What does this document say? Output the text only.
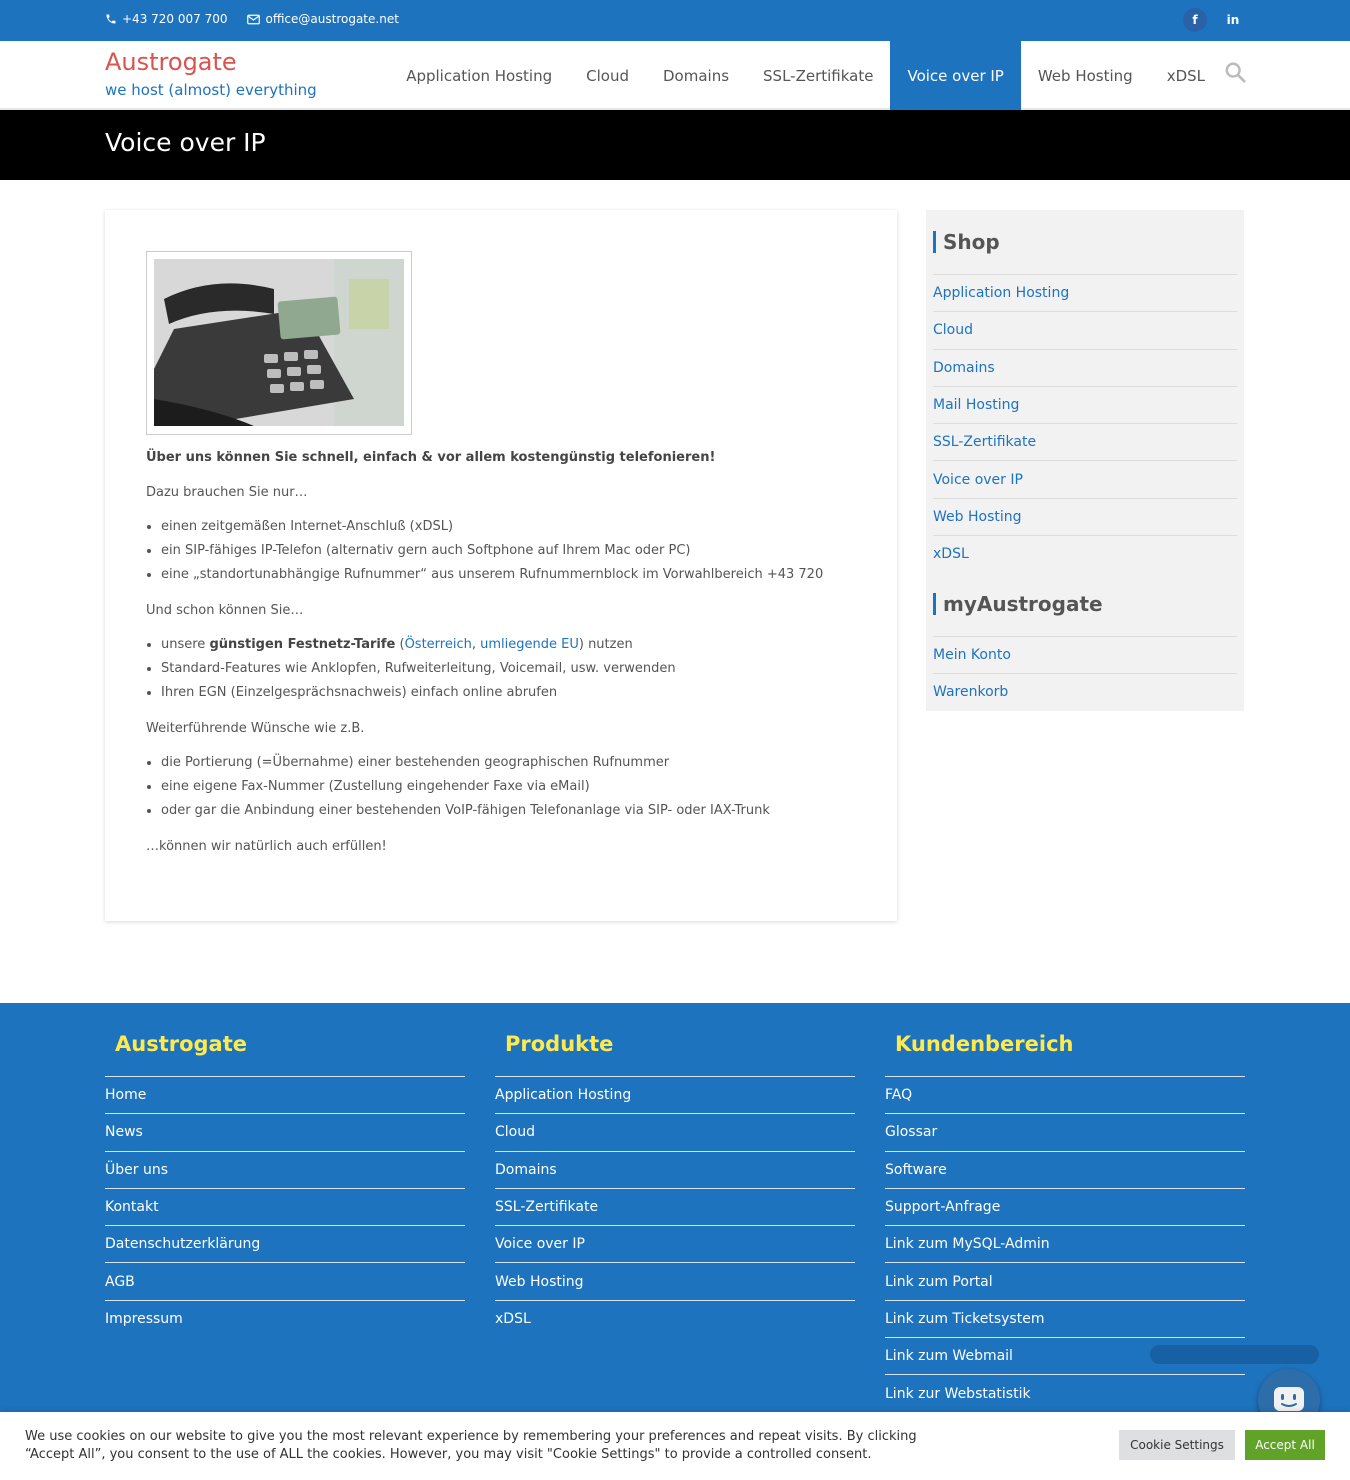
+43 720 007 700	office@austrogate.net	f	in
Austrogate
we host (almost) everything
Application Hosting	Cloud	Domains	SSL-Zertifikate	Voice over IP	Web Hosting	xDSL
Voice over IP
Über uns können Sie schnell, einfach & vor allem kostengünstig telefonieren!
Dazu brauchen Sie nur…
• einen zeitgemäßen Internet-Anschluß (xDSL)
• ein SIP-fähiges IP-Telefon (alternativ gern auch Softphone auf Ihrem Mac oder PC)
• eine „standortunabhängige Rufnummer“ aus unserem Rufnummernblock im Vorwahlbereich +43 720
Und schon können Sie…
• unsere günstigen Festnetz-Tarife (Österreich, umliegende EU) nutzen
• Standard-Features wie Anklopfen, Rufweiterleitung, Voicemail, usw. verwenden
• Ihren EGN (Einzelgesprächsnachweis) einfach online abrufen
Weiterführende Wünsche wie z.B.
• die Portierung (=Übernahme) einer bestehenden geographischen Rufnummer
• eine eigene Fax-Nummer (Zustellung eingehender Faxe via eMail)
• oder gar die Anbindung einer bestehenden VoIP-fähigen Telefonanlage via SIP- oder IAX-Trunk
…können wir natürlich auch erfüllen!
Shop
Application Hosting
Cloud
Domains
Mail Hosting
SSL-Zertifikate
Voice over IP
Web Hosting
xDSL
myAustrogate
Mein Konto
Warenkorb
Austrogate
Home
News
Über uns
Kontakt
Datenschutzerklärung
AGB
Impressum
Produkte
Application Hosting
Cloud
Domains
SSL-Zertifikate
Voice over IP
Web Hosting
xDSL
Kundenbereich
FAQ
Glossar
Software
Support-Anfrage
Link zum MySQL-Admin
Link zum Portal
Link zum Ticketsystem
Link zum Webmail
Link zur Webstatistik
We use cookies on our website to give you the most relevant experience by remembering your preferences and repeat visits. By clicking “Accept All”, you consent to the use of ALL the cookies. However, you may visit "Cookie Settings" to provide a controlled consent.
Cookie Settings	Accept All
